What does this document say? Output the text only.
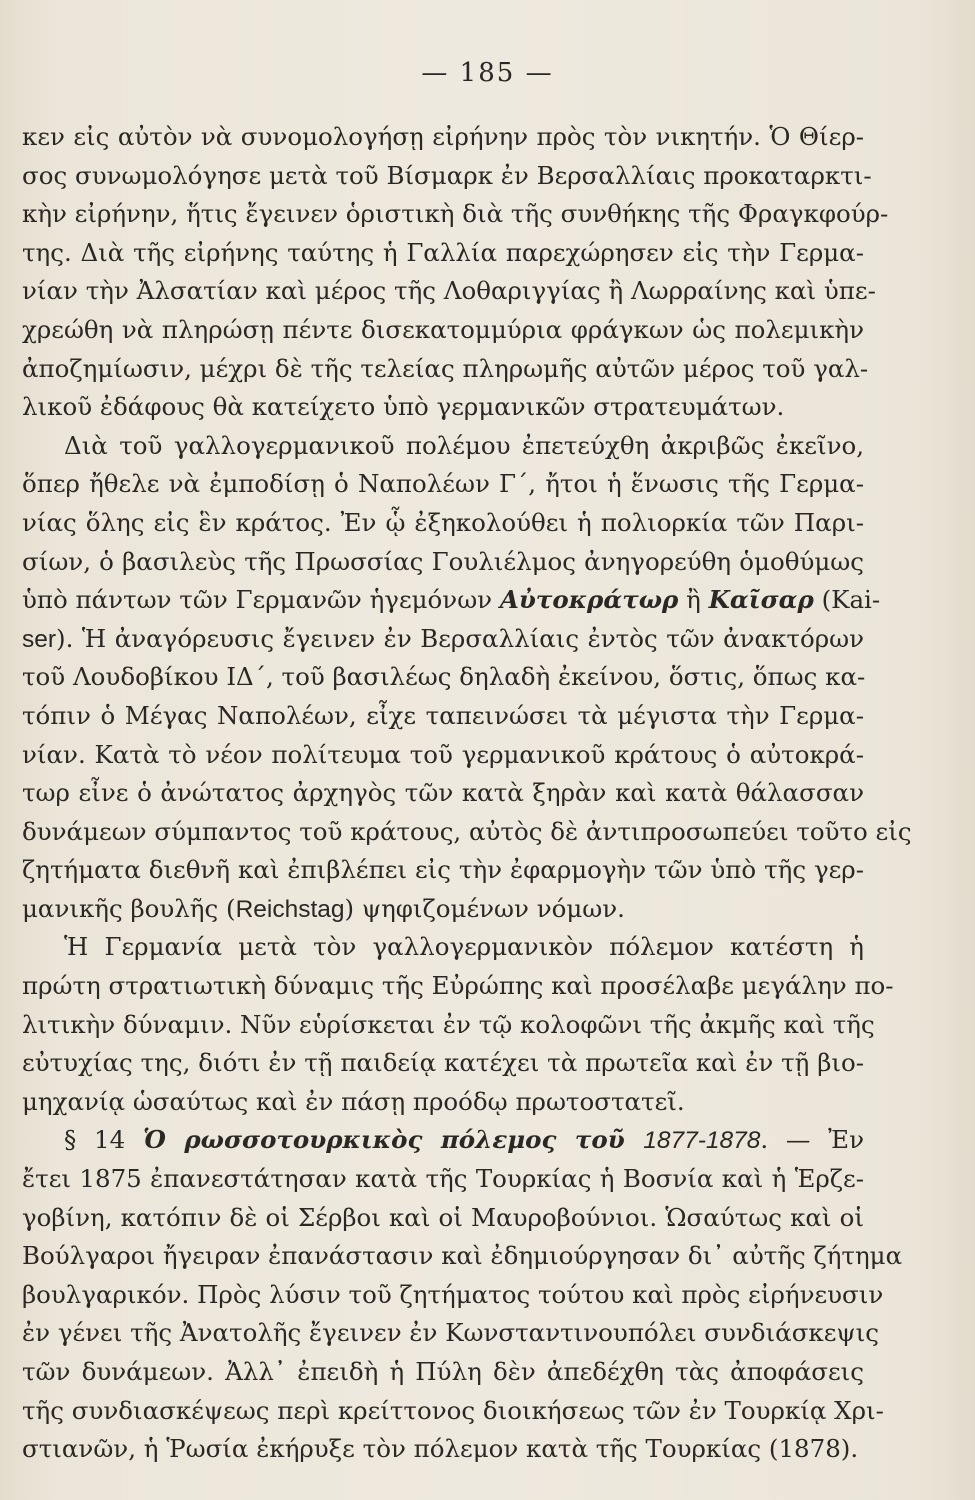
— 185 —
κεν εἰς αὐτὸν νὰ συνομολογήσῃ εἰρήνην πρὸς τὸν νικητήν. Ὁ Θίερ-
σος συνωμολόγησε μετὰ τοῦ Βίσμαρκ ἐν Βερσαλλίαις προκαταρκτι-
κὴν εἰρήνην, ἥτις ἔγεινεν ὁριστικὴ διὰ τῆς συνθήκης τῆς Φραγκφούρ-
της. Διὰ τῆς εἰρήνης ταύτης ἡ Γαλλία παρεχώρησεν εἰς τὴν Γερμα-
νίαν τὴν Ἀλσατίαν καὶ μέρος τῆς Λοθαριγγίας ἢ Λωρραίνης καὶ ὑπε-
χρεώθη νὰ πληρώσῃ πέντε δισεκατομμύρια φράγκων ὡς πολεμικὴν
ἀποζημίωσιν, μέχρι δὲ τῆς τελείας πληρωμῆς αὐτῶν μέρος τοῦ γαλ-
λικοῦ ἐδάφους θὰ κατείχετο ὑπὸ γερμανικῶν στρατευμάτων.
Διὰ τοῦ γαλλογερμανικοῦ πολέμου ἐπετεύχθη ἀκριβῶς ἐκεῖνο,
ὅπερ ἤθελε νὰ ἐμποδίσῃ ὁ Ναπολέων Γ΄, ἤτοι ἡ ἕνωσις τῆς Γερμα-
νίας ὅλης εἰς ἓν κράτος. Ἐν ᾧ ἐξηκολούθει ἡ πολιορκία τῶν Παρι-
σίων, ὁ βασιλεὺς τῆς Πρωσσίας Γουλιέλμος ἀνηγορεύθη ὁμοθύμως
ὑπὸ πάντων τῶν Γερμανῶν ἡγεμόνων Αὐτοκράτωρ ἢ Καῖσαρ (Kai-
ser). Ἡ ἀναγόρευσις ἔγεινεν ἐν Βερσαλλίαις ἐντὸς τῶν ἀνακτόρων
τοῦ Λουδοβίκου ΙΔ΄, τοῦ βασιλέως δηλαδὴ ἐκείνου, ὅστις, ὅπως κα-
τόπιν ὁ Μέγας Ναπολέων, εἶχε ταπεινώσει τὰ μέγιστα τὴν Γερμα-
νίαν. Κατὰ τὸ νέον πολίτευμα τοῦ γερμανικοῦ κράτους ὁ αὐτοκρά-
τωρ εἶνε ὁ ἀνώτατος ἀρχηγὸς τῶν κατὰ ξηρὰν καὶ κατὰ θάλασσαν
δυνάμεων σύμπαντος τοῦ κράτους, αὐτὸς δὲ ἀντιπροσωπεύει τοῦτο εἰς
ζητήματα διεθνῆ καὶ ἐπιβλέπει εἰς τὴν ἐφαρμογὴν τῶν ὑπὸ τῆς γερ-
μανικῆς βουλῆς (Reichstag) ψηφιζομένων νόμων.
Ἡ Γερμανία μετὰ τὸν γαλλογερμανικὸν πόλεμον κατέστη ἡ
πρώτη στρατιωτικὴ δύναμις τῆς Εὐρώπης καὶ προσέλαβε μεγάλην πο-
λιτικὴν δύναμιν. Νῦν εὑρίσκεται ἐν τῷ κολοφῶνι τῆς ἀκμῆς καὶ τῆς
εὐτυχίας της, διότι ἐν τῇ παιδείᾳ κατέχει τὰ πρωτεῖα καὶ ἐν τῇ βιο-
μηχανίᾳ ὡσαύτως καὶ ἐν πάσῃ προόδῳ πρωτοστατεῖ.
§ 14 Ὁ ρωσσοτουρκικὸς πόλεμος τοῦ 1877-1878. — Ἐν
ἔτει 1875 ἐπανεστάτησαν κατὰ τῆς Τουρκίας ἡ Βοσνία καὶ ἡ Ἑρζε-
γοβίνη, κατόπιν δὲ οἱ Σέρβοι καὶ οἱ Μαυροβούνιοι. Ὡσαύτως καὶ οἱ
Βούλγαροι ἤγειραν ἐπανάστασιν καὶ ἐδημιούργησαν δι᾽ αὐτῆς ζήτημα
βουλγαρικόν. Πρὸς λύσιν τοῦ ζητήματος τούτου καὶ πρὸς εἰρήνευσιν
ἐν γένει τῆς Ἀνατολῆς ἔγεινεν ἐν Κωνσταντινουπόλει συνδιάσκεψις
τῶν δυνάμεων. Ἀλλ᾽ ἐπειδὴ ἡ Πύλη δὲν ἀπεδέχθη τὰς ἀποφάσεις
τῆς συνδιασκέψεως περὶ κρείττονος διοικήσεως τῶν ἐν Τουρκίᾳ Χρι-
στιανῶν, ἡ Ῥωσία ἐκήρυξε τὸν πόλεμον κατὰ τῆς Τουρκίας (1878).
